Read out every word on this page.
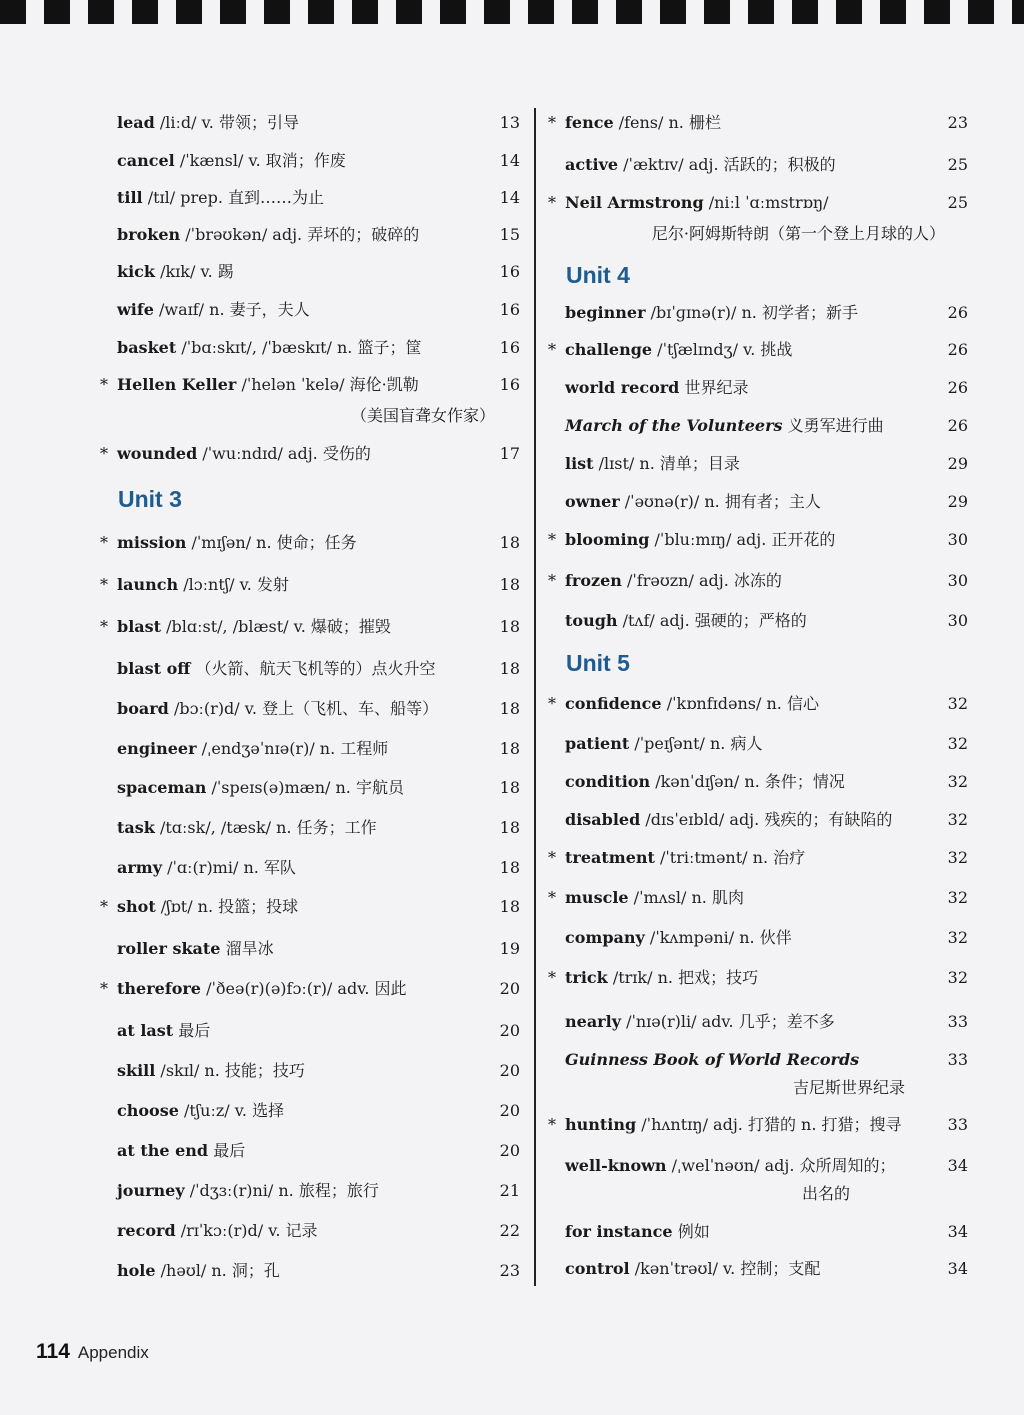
lead /liːd/ v. 带领；引导	13
cancel /ˈkænsl/ v. 取消；作废	14
till /tɪl/ prep. 直到……为止	14
broken /ˈbrəʊkən/ adj. 弄坏的；破碎的	15
kick /kɪk/ v. 踢	16
wife /waɪf/ n. 妻子，夫人	16
basket /ˈbɑːskɪt/, /ˈbæskɪt/ n. 篮子；筐	16
* Hellen Keller /ˈhelən ˈkelə/ 海伦·凯勒	16
（美国盲聋女作家）
* wounded /ˈwuːndɪd/ adj. 受伤的	17
Unit 3
* mission /ˈmɪʃən/ n. 使命；任务	18
* launch /lɔːntʃ/ v. 发射	18
* blast /blɑːst/, /blæst/ v. 爆破；摧毁	18
blast off （火箭、航天飞机等的）点火升空	18
board /bɔː(r)d/ v. 登上（飞机、车、船等）	18
engineer /ˌendʒəˈnɪə(r)/ n. 工程师	18
spaceman /ˈspeɪs(ə)mæn/ n. 宇航员	18
task /tɑːsk/, /tæsk/ n. 任务；工作	18
army /ˈɑː(r)mi/ n. 军队	18
* shot /ʃɒt/ n. 投篮；投球	18
roller skate 溜旱冰	19
* therefore /ˈðeə(r)(ə)fɔː(r)/ adv. 因此	20
at last 最后	20
skill /skɪl/ n. 技能；技巧	20
choose /tʃuːz/ v. 选择	20
at the end 最后	20
journey /ˈdʒɜː(r)ni/ n. 旅程；旅行	21
record /rɪˈkɔː(r)d/ v. 记录	22
hole /həʊl/ n. 洞；孔	23
* fence /fens/ n. 栅栏	23
active /ˈæktɪv/ adj. 活跃的；积极的	25
* Neil Armstrong /niːl ˈɑːmstrɒŋ/	25
尼尔·阿姆斯特朗（第一个登上月球的人）
Unit 4
beginner /bɪˈɡɪnə(r)/ n. 初学者；新手	26
* challenge /ˈtʃælɪndʒ/ v. 挑战	26
world record 世界纪录	26
March of the Volunteers 义勇军进行曲	26
list /lɪst/ n. 清单；目录	29
owner /ˈəʊnə(r)/ n. 拥有者；主人	29
* blooming /ˈbluːmɪŋ/ adj. 正开花的	30
* frozen /ˈfrəʊzn/ adj. 冰冻的	30
tough /tʌf/ adj. 强硬的；严格的	30
Unit 5
* confidence /ˈkɒnfɪdəns/ n. 信心	32
patient /ˈpeɪʃənt/ n. 病人	32
condition /kənˈdɪʃən/ n. 条件；情况	32
disabled /dɪsˈeɪbld/ adj. 残疾的；有缺陷的	32
* treatment /ˈtriːtmənt/ n. 治疗	32
* muscle /ˈmʌsl/ n. 肌肉	32
company /ˈkʌmpəni/ n. 伙伴	32
* trick /trɪk/ n. 把戏；技巧	32
nearly /ˈnɪə(r)li/ adv. 几乎；差不多	33
Guinness Book of World Records	33
吉尼斯世界纪录
* hunting /ˈhʌntɪŋ/ adj. 打猎的 n. 打猎；搜寻	33
well-known /ˌwelˈnəʊn/ adj. 众所周知的；	34
出名的
for instance 例如	34
control /kənˈtrəʊl/ v. 控制；支配	34
114 Appendix
